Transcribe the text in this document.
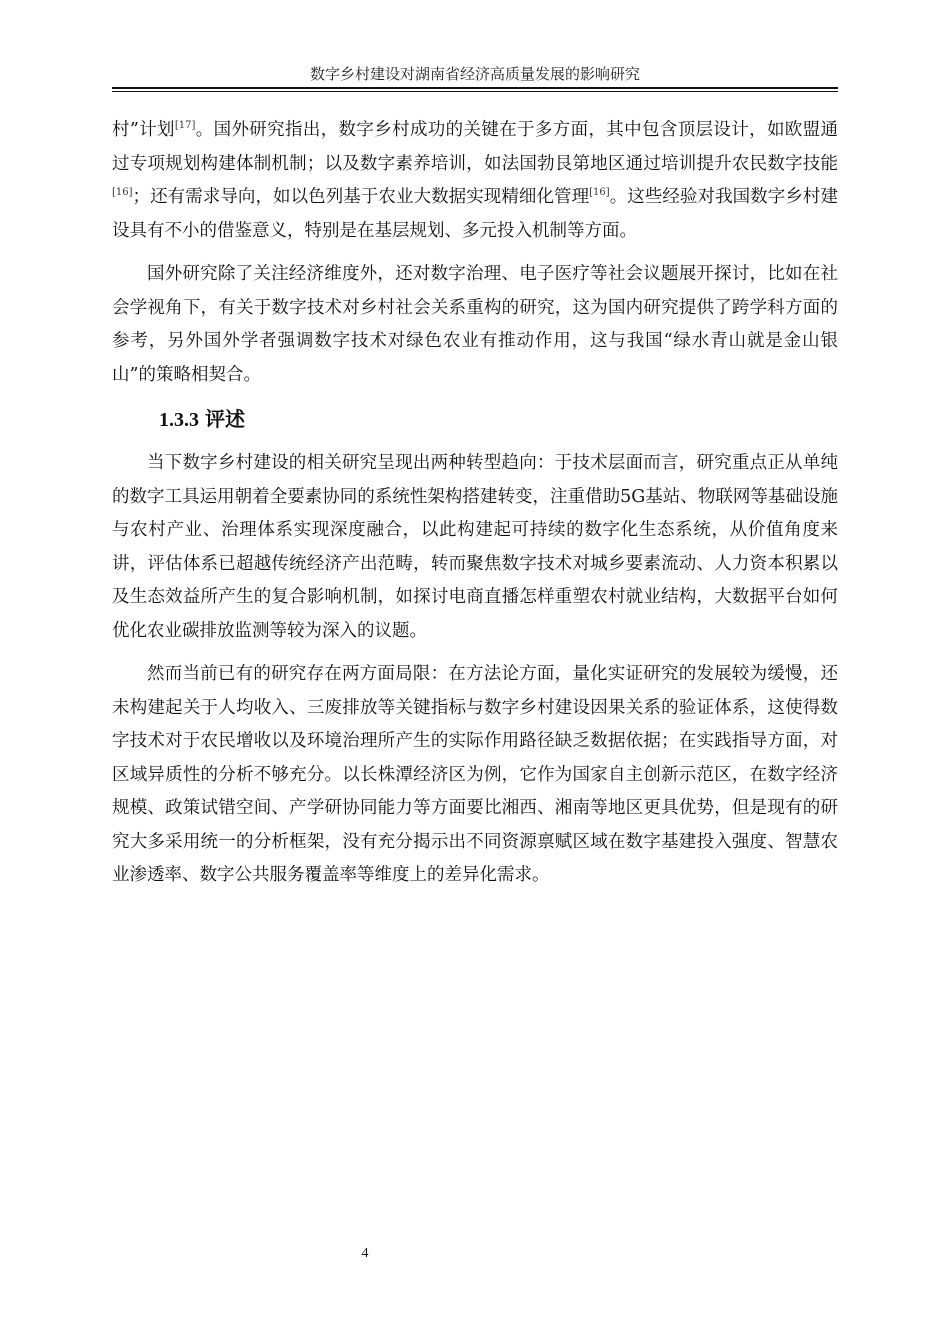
数字乡村建设对湖南省经济高质量发展的影响研究

村”计划[17]。国外研究指出，数字乡村成功的关键在于多方面，其中包含顶层设计，如欧盟通过专项规划构建体制机制；以及数字素养培训，如法国勃艮第地区通过培训提升农民数字技能[16]；还有需求导向，如以色列基于农业大数据实现精细化管理[16]。这些经验对我国数字乡村建设具有不小的借鉴意义，特别是在基层规划、多元投入机制等方面。

国外研究除了关注经济维度外，还对数字治理、电子医疗等社会议题展开探讨，比如在社会学视角下，有关于数字技术对乡村社会关系重构的研究，这为国内研究提供了跨学科方面的参考，另外国外学者强调数字技术对绿色农业有推动作用，这与我国“绿水青山就是金山银山”的策略相契合。

1.3.3 评述

当下数字乡村建设的相关研究呈现出两种转型趋向：于技术层面而言，研究重点正从单纯的数字工具运用朝着全要素协同的系统性架构搭建转变，注重借助5G基站、物联网等基础设施与农村产业、治理体系实现深度融合，以此构建起可持续的数字化生态系统，从价值角度来讲，评估体系已超越传统经济产出范畴，转而聚焦数字技术对城乡要素流动、人力资本积累以及生态效益所产生的复合影响机制，如探讨电商直播怎样重塑农村就业结构，大数据平台如何优化农业碳排放监测等较为深入的议题。

然而当前已有的研究存在两方面局限：在方法论方面，量化实证研究的发展较为缓慢，还未构建起关于人均收入、三废排放等关键指标与数字乡村建设因果关系的验证体系，这使得数字技术对于农民增收以及环境治理所产生的实际作用路径缺乏数据依据；在实践指导方面，对区域异质性的分析不够充分。以长株潭经济区为例，它作为国家自主创新示范区，在数字经济规模、政策试错空间、产学研协同能力等方面要比湘西、湘南等地区更具优势，但是现有的研究大多采用统一的分析框架，没有充分揭示出不同资源禀赋区域在数字基建投入强度、智慧农业渗透率、数字公共服务覆盖率等维度上的差异化需求。

4
